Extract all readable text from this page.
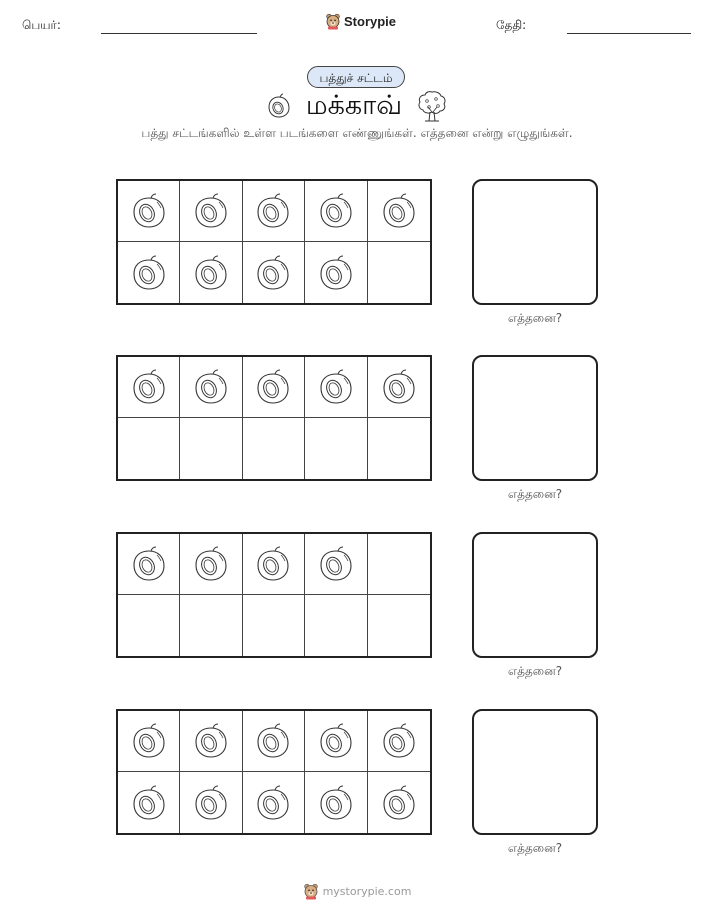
பெயர்:	Storypie	தேதி:
பத்துச் சட்டம்
மக்காவ்
பத்து சட்டங்களில் உள்ள படங்களை எண்ணுங்கள். எத்தனை என்று எழுதுங்கள்.
எத்தனை?
எத்தனை?
எத்தனை?
எத்தனை?
mystorypie.com
